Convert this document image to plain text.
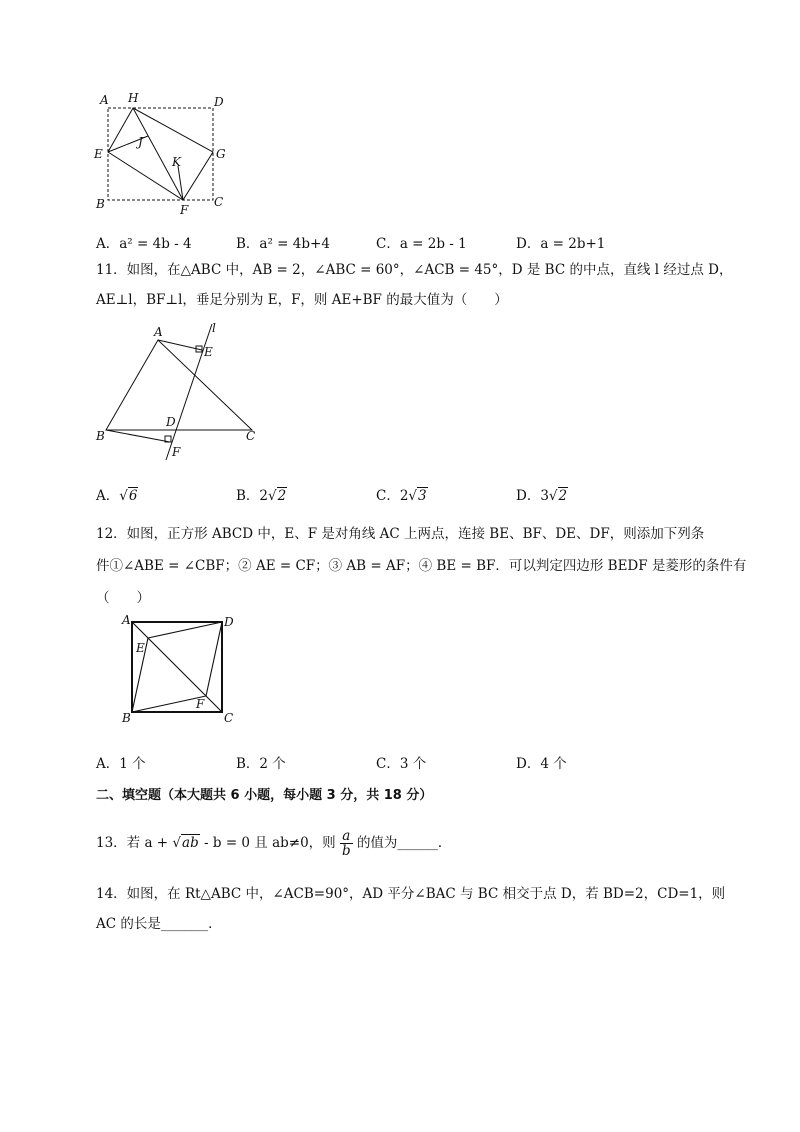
A H	D
J
E
K
G
B	F
C
A．a² = 4b - 4	B．a² = 4b+4	C．a = 2b - 1	D．a = 2b+1
11．如图，在△ABC 中，AB = 2，∠ABC = 60°，∠ACB = 45°，D 是 BC 的中点，直线 l 经过点 D，
AE⊥l，BF⊥l，垂足分别为 E，F，则 AE+BF 的最大值为（　　）
A	l
E
D
B	C
F
A．√6	B．2√2	C．2√3	D．3√2
12．如图，正方形 ABCD 中，E、F 是对角线 AC 上两点，连接 BE、BF、DE、DF，则添加下列条
件①∠ABE = ∠CBF；② AE = CF；③ AB = AF；④ BE = BF．可以判定四边形 BEDF 是菱形的条件有
（　　）
A	D
E
F
B	C
A．1 个	B．2 个	C．3 个	D．4 个
二、填空题（本大题共 6 小题，每小题 3 分，共 18 分）
13．若 a + √ab - b = 0 且 ab≠0，则 $\frac{a}{b}$ 的值为______．
14．如图，在 Rt△ABC 中，∠ACB=90°，AD 平分∠BAC 与 BC 相交于点 D，若 BD=2，CD=1，则
AC 的长是_______．
